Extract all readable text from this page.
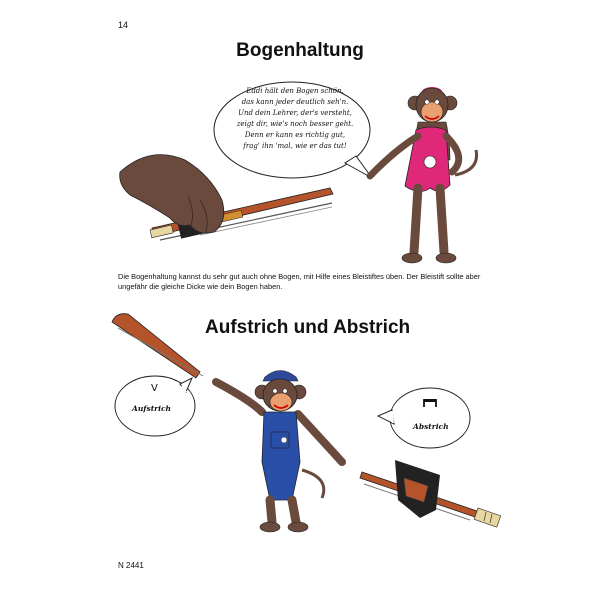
14
Bogenhaltung
Eddi hält den Bogen schön,
das kann jeder deutlich seh'n.
Und dein Lehrer, der's versteht,
zeigt dir, wie's noch besser geht.
Denn er kann es richtig gut,
frag' ihn 'mal, wie er das tut!
Die Bogenhaltung kannst du sehr gut auch ohne Bogen, mit Hilfe eines Bleistiftes üben. Der Bleistift sollte aber ungefähr die gleiche Dicke wie dein Bogen haben.
Aufstrich und Abstrich
V
Aufstrich
Abstrich
N 2441
